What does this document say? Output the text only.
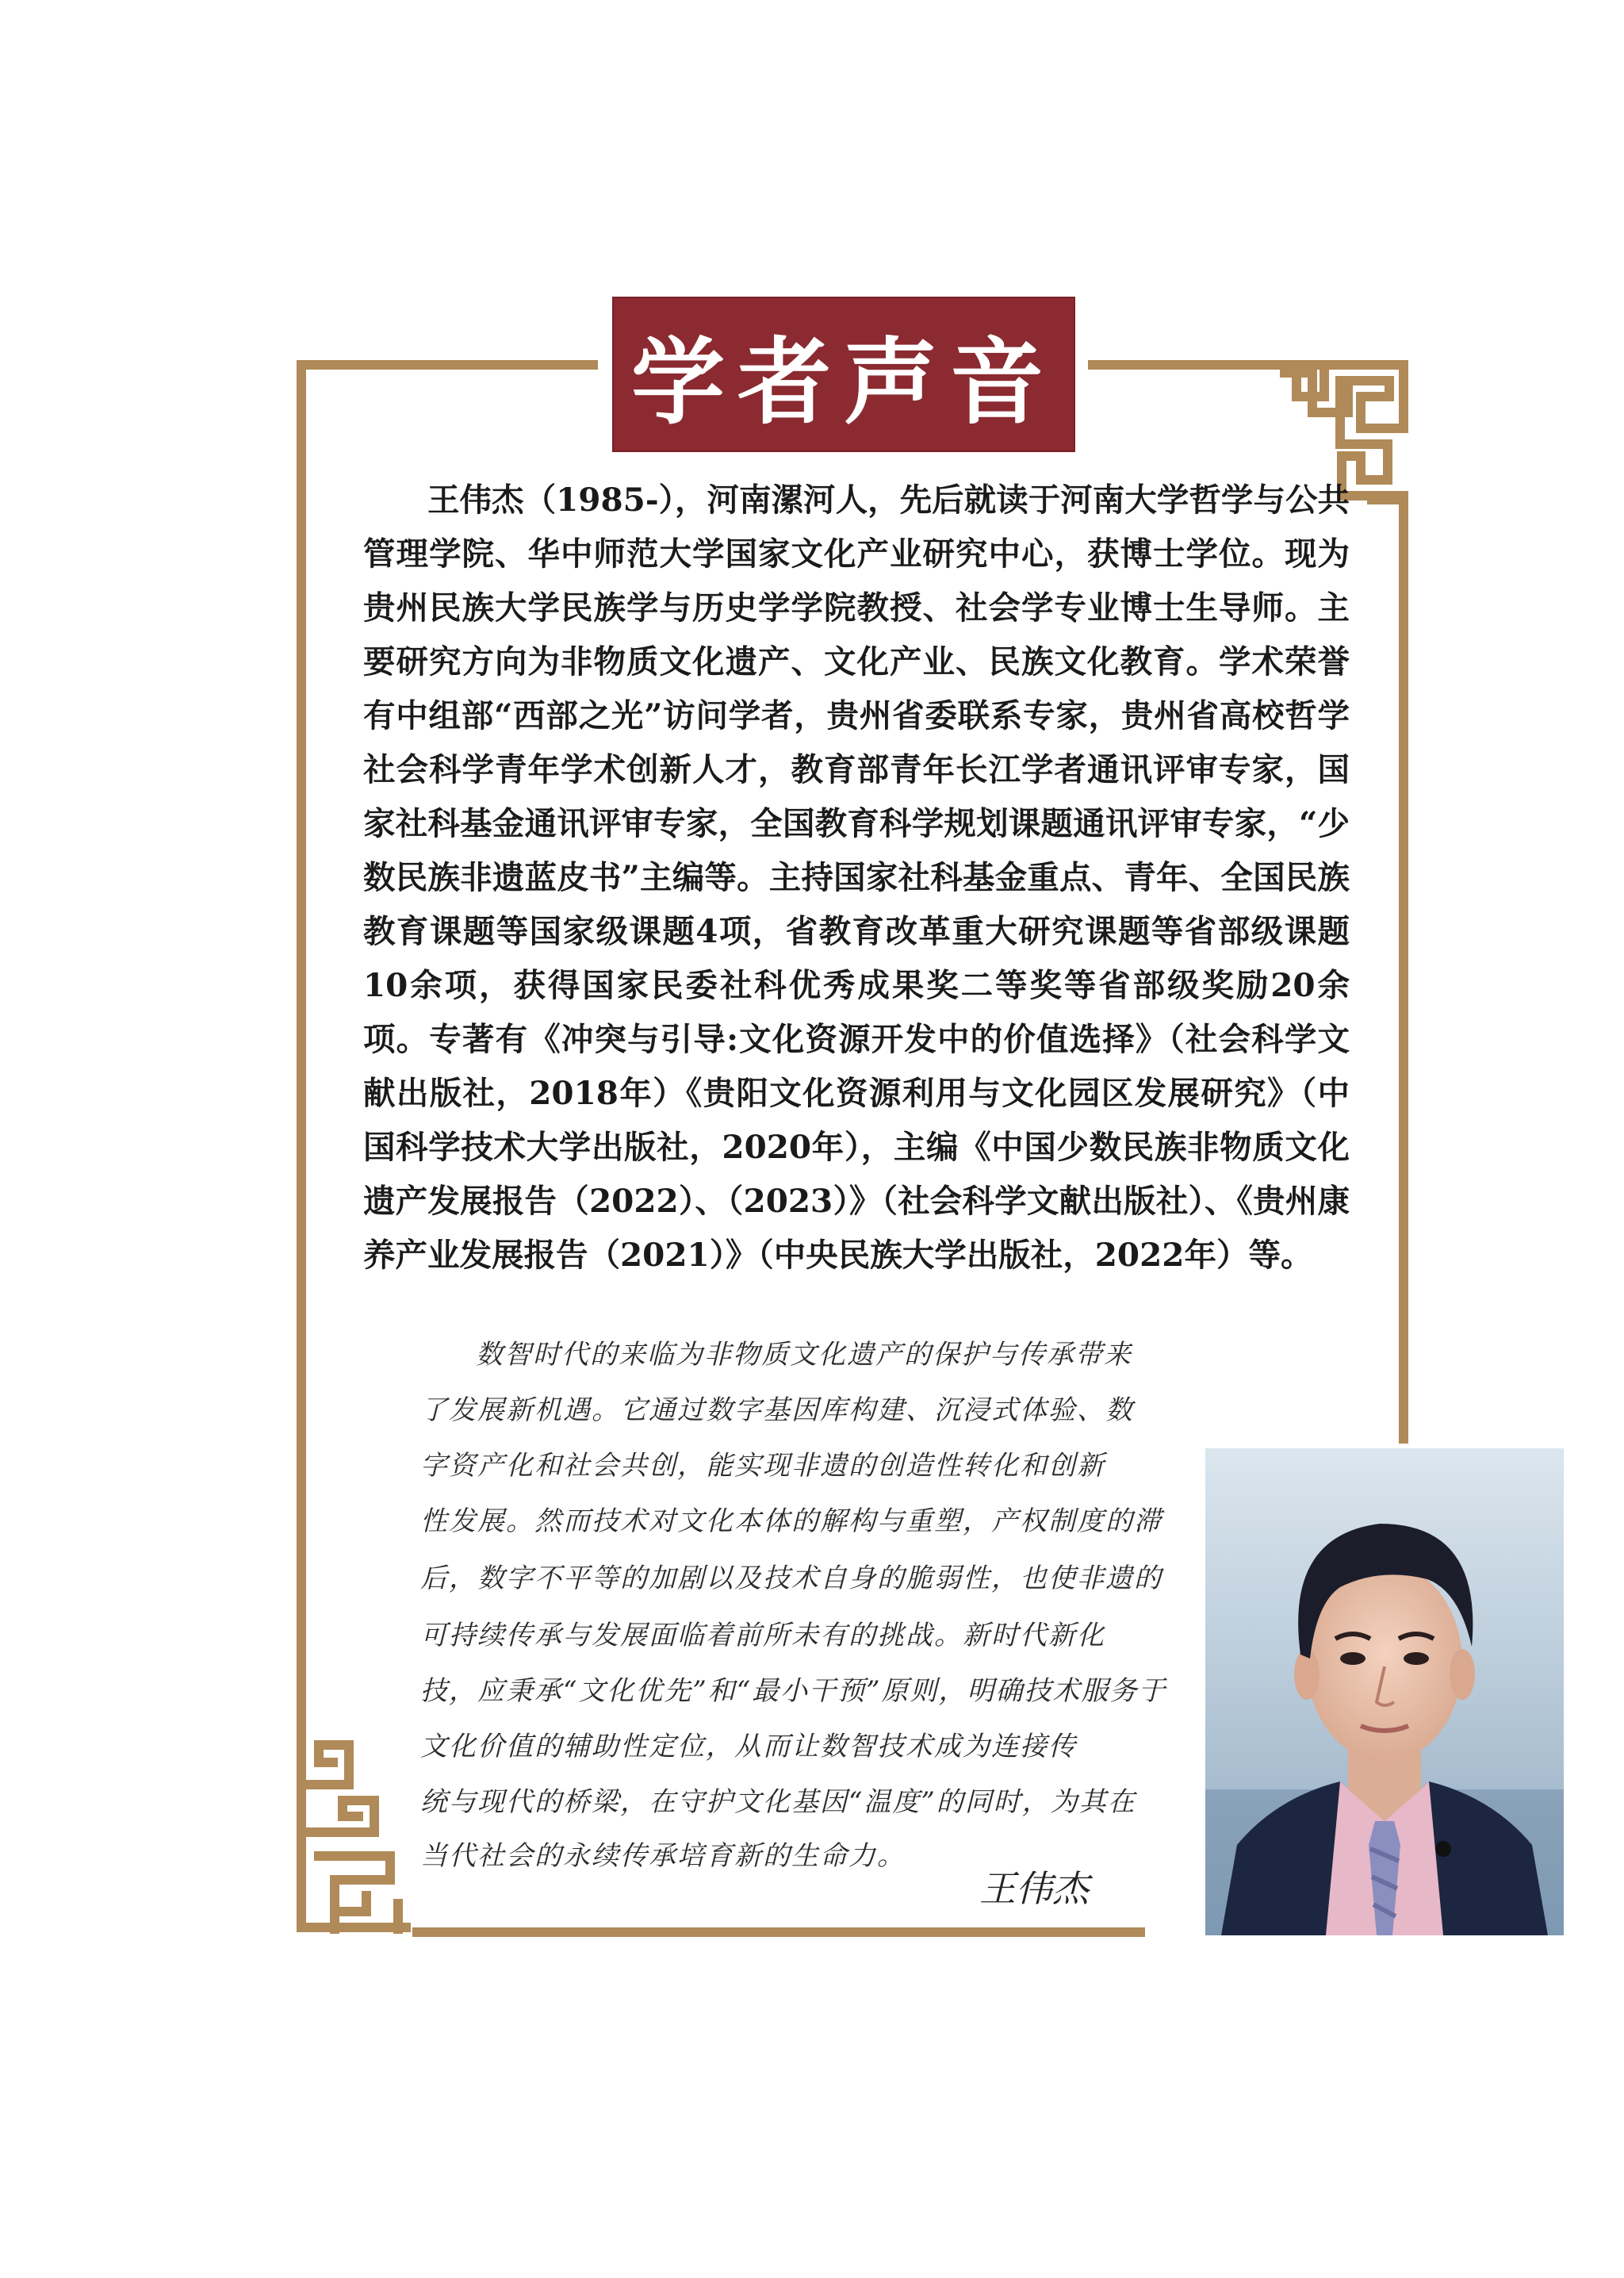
学者声音

王伟杰（1985-），河南漯河人，先后就读于河南大学哲学与公共管理学院、华中师范大学国家文化产业研究中心，获博士学位。现为贵州民族大学民族学与历史学学院教授、社会学专业博士生导师。主要研究方向为非物质文化遗产、文化产业、民族文化教育。学术荣誉有中组部“西部之光”访问学者，贵州省委联系专家，贵州省高校哲学社会科学青年学术创新人才，教育部青年长江学者通讯评审专家，国家社科基金通讯评审专家，全国教育科学规划课题通讯评审专家，“少数民族非遗蓝皮书”主编等。主持国家社科基金重点、青年、全国民族教育课题等国家级课题4项，省教育改革重大研究课题等省部级课题10余项，获得国家民委社科优秀成果奖二等奖等省部级奖励20余项。专著有《冲突与引导:文化资源开发中的价值选择》（社会科学文献出版社，2018年）《贵阳文化资源利用与文化园区发展研究》（中国科学技术大学出版社，2020年），主编《中国少数民族非物质文化遗产发展报告（2022）、（2023）》（社会科学文献出版社）、《贵州康养产业发展报告（2021）》（中央民族大学出版社，2022年）等。

数智时代的来临为非物质文化遗产的保护与传承带来
了发展新机遇。它通过数字基因库构建、沉浸式体验、数
字资产化和社会共创，能实现非遗的创造性转化和创新
性发展。然而技术对文化本体的解构与重塑，产权制度的滞
后，数字不平等的加剧以及技术自身的脆弱性，也使非遗的
可持续传承与发展面临着前所未有的挑战。新时代新化
技，应秉承“文化优先”和“最小干预”原则，明确技术服务于
文化价值的辅助性定位，从而让数智技术成为连接传
统与现代的桥梁，在守护文化基因“温度”的同时，为其在
当代社会的永续传承培育新的生命力。
王伟杰
